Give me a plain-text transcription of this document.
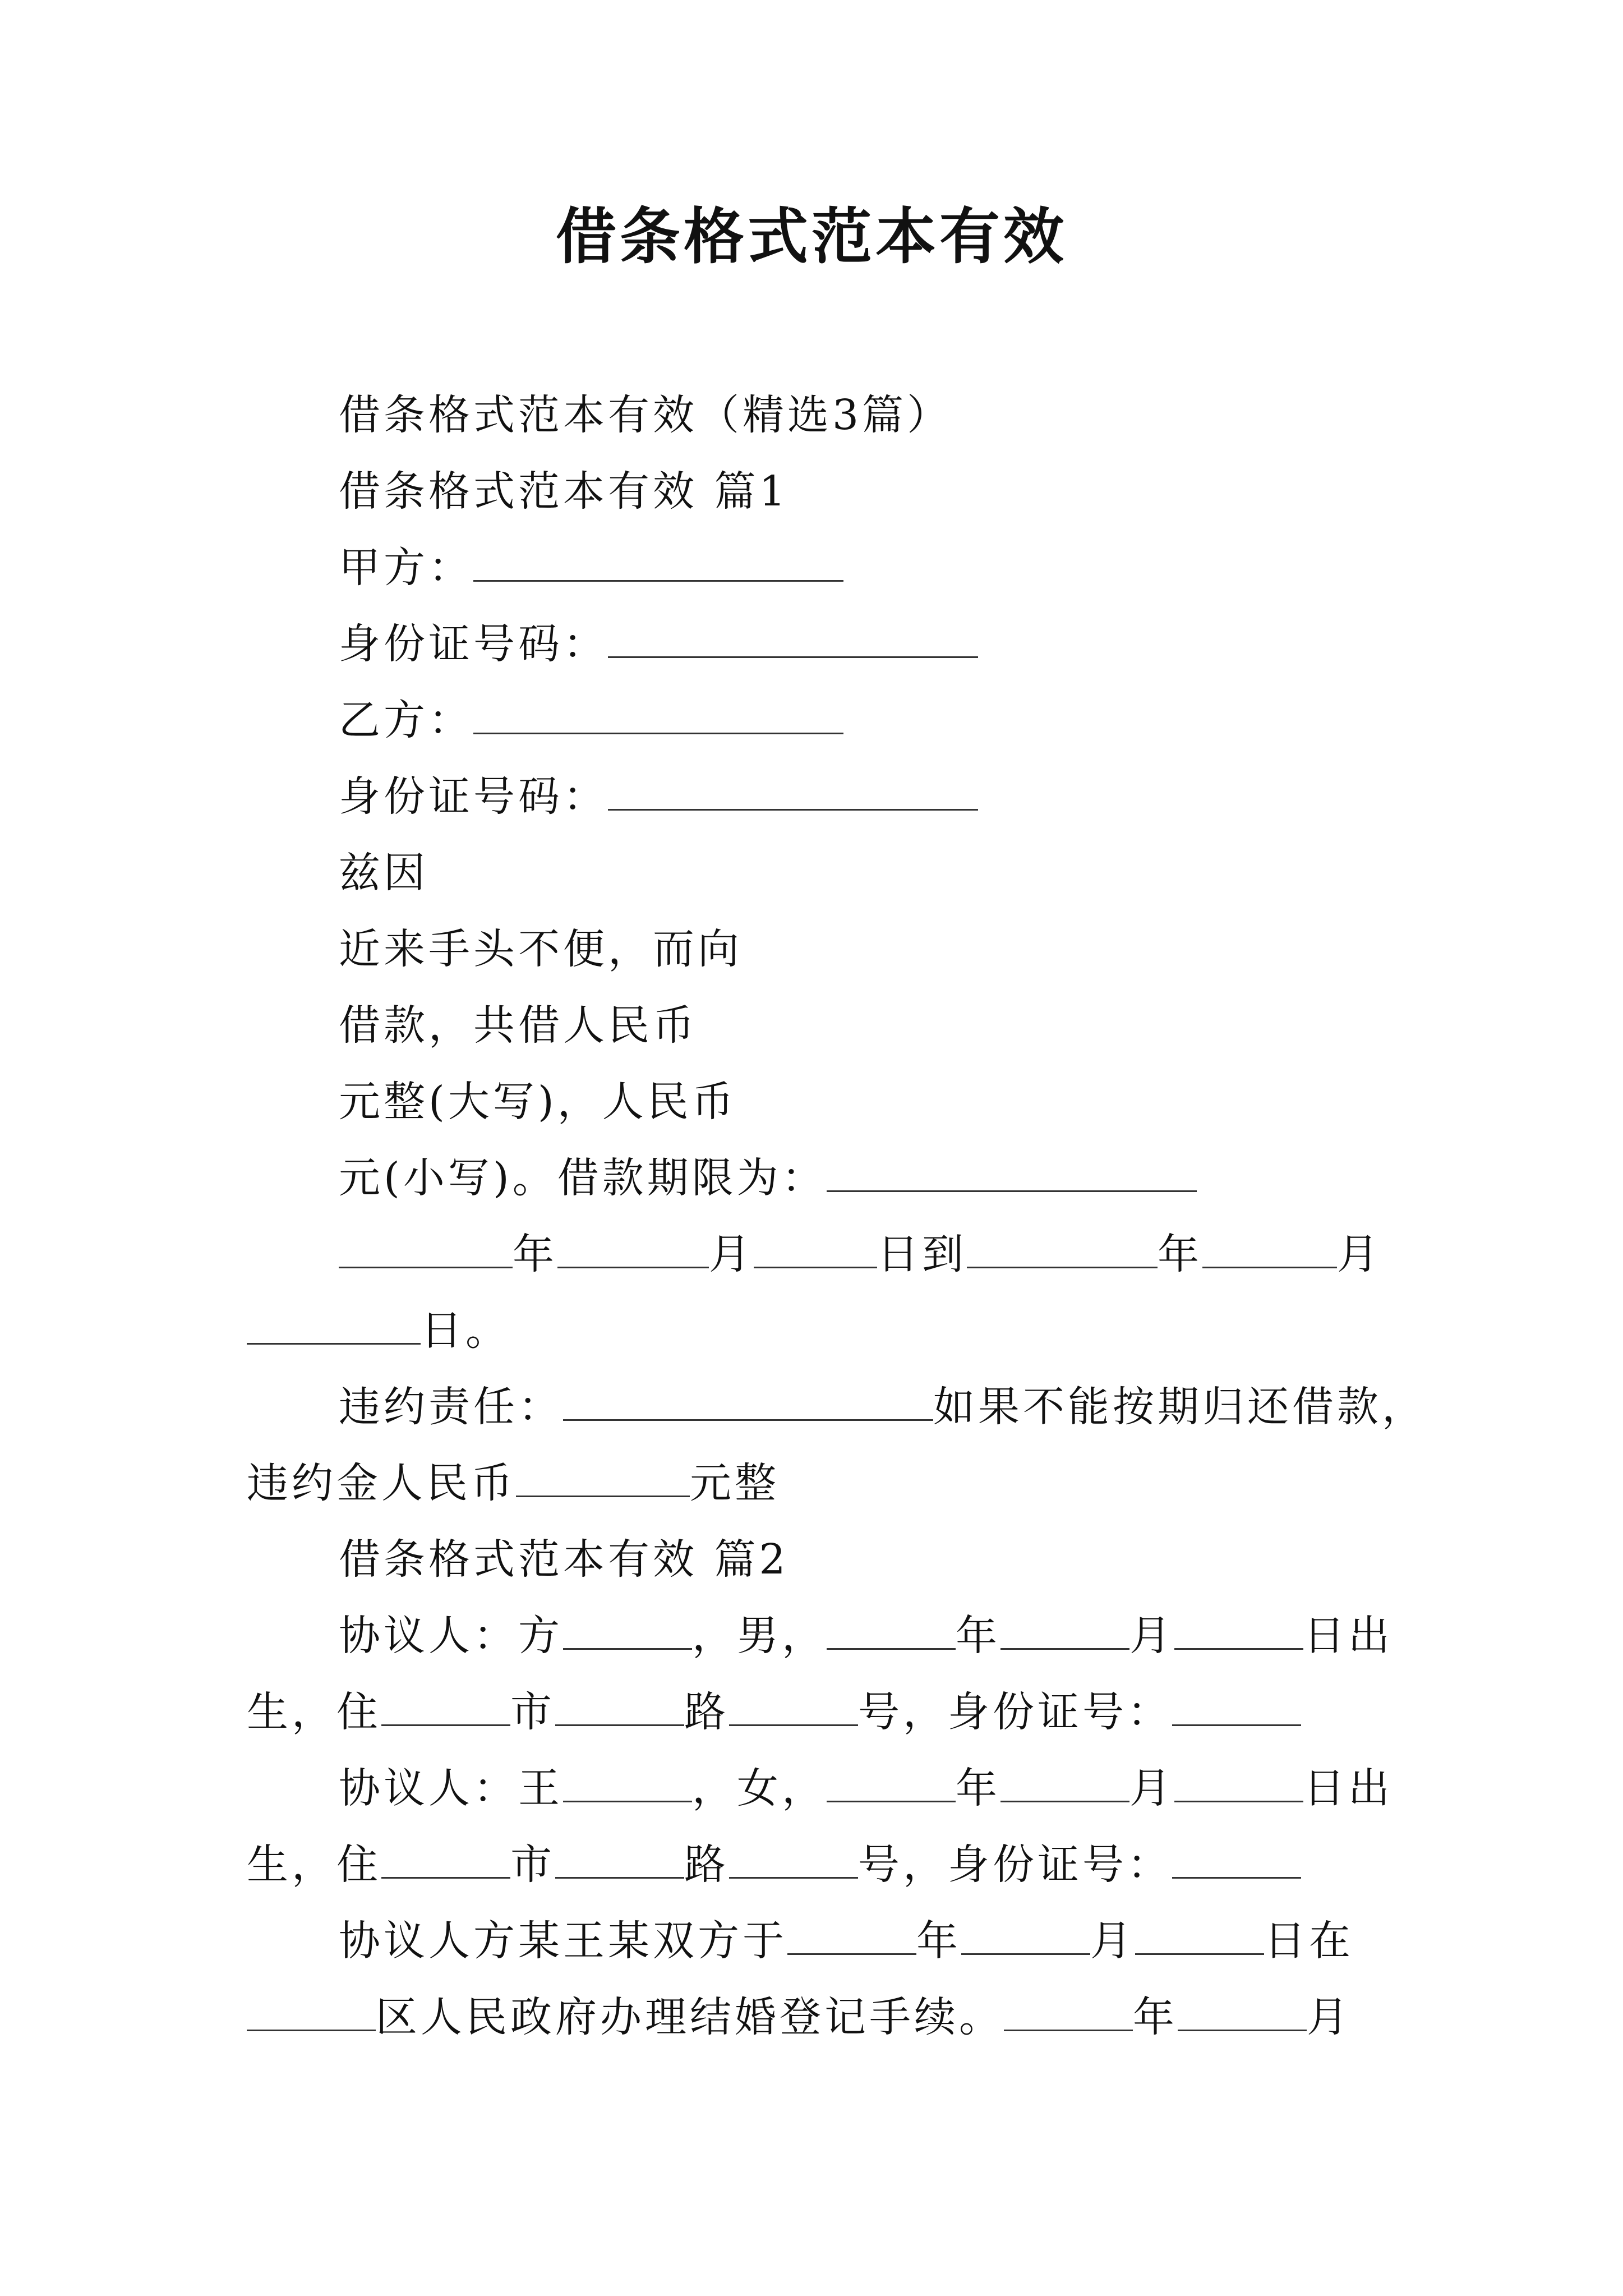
借条格式范本有效
借条格式范本有效（精选3篇）
借条格式范本有效 篇1
甲方：
身份证号码：
乙方：
身份证号码：
兹因
近来手头不便，而向
借款，共借人民币
元整(大写)，人民币
元(小写)。借款期限为：
年	月	日到	年	月
日。
违约责任：	如果不能按期归还借款，
违约金人民币	元整
借条格式范本有效 篇2
协议人：方	，男，	年	月	日出
生，住	市	路	号，身份证号：
协议人：王	，女，	年	月	日出
生，住	市	路	号，身份证号：
协议人方某王某双方于	年	月	日在
区人民政府办理结婚登记手续。	年	月
